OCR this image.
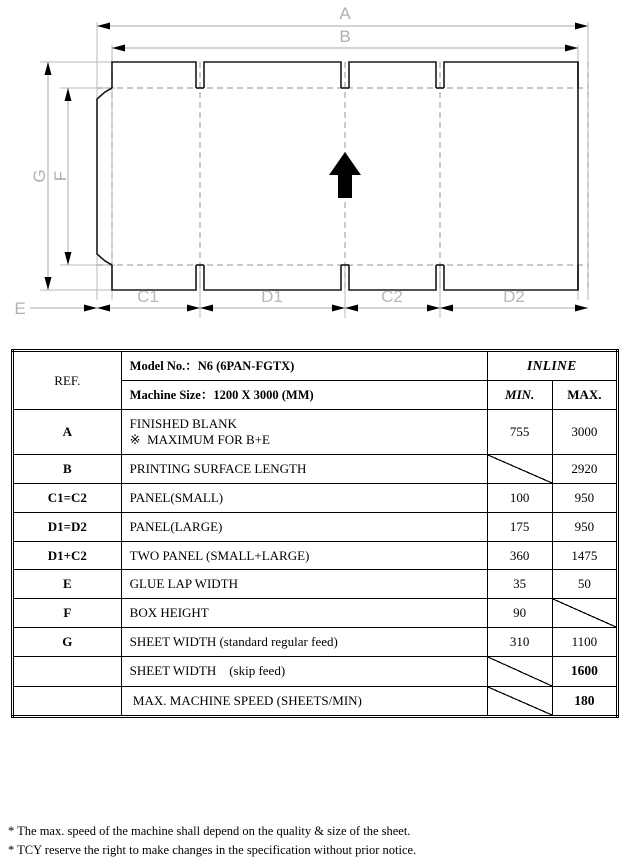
A
B
G F
E
C1	D1	C2	D2
REF.	Model No.：N6 (6PAN-FGTX)	INLINE	

	Machine Size：1200 X 3000 (MM)	MIN.	MAX.

A	FINISHED BLANK
※  MAXIMUM FOR B+E	755	3000

B	PRINTING SURFACE LENGTH		2920

C1=C2	PANEL(SMALL)	100	950

D1=D2	PANEL(LARGE)	175	950

D1+C2	TWO PANEL (SMALL+LARGE)	360	1475

E	GLUE LAP WIDTH	35	50

F	BOX HEIGHT	90	

G	SHEET WIDTH (standard regular feed)	310	1100

	SHEET WIDTH    (skip feed)		1600

	MAX. MACHINE SPEED (SHEETS/MIN)		180
* The max. speed of the machine shall depend on the quality & size of the sheet.
* TCY reserve the right to make changes in the specification without prior notice.
